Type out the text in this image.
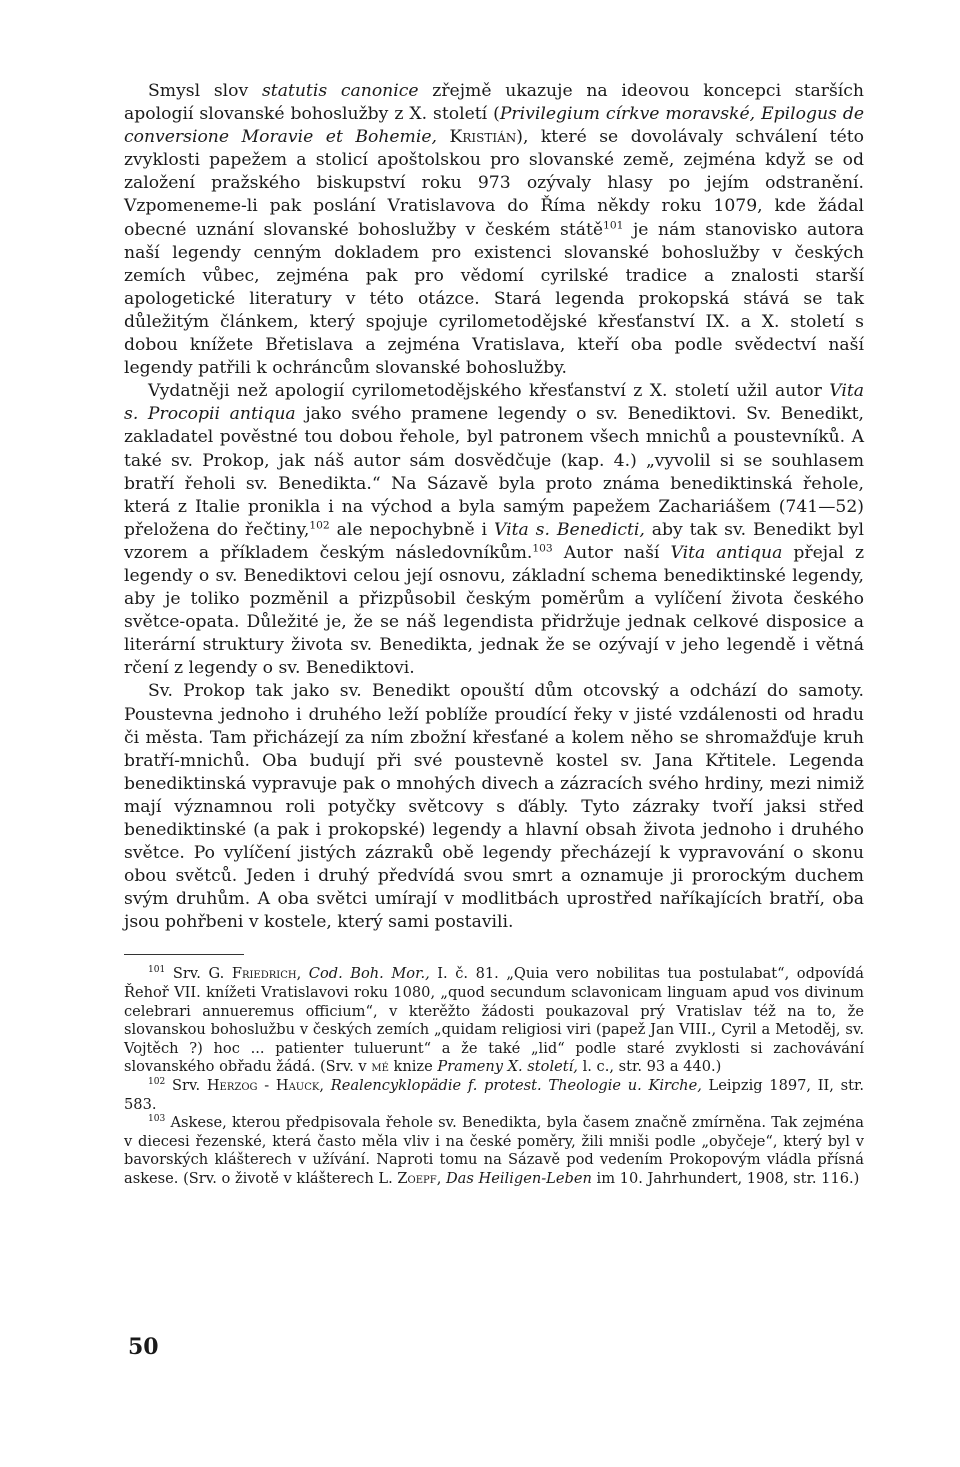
Smysl slov statutis canonice zřejmě ukazuje na ideovou koncepci starších apologií slovanské bohoslužby z X. století (Privilegium církve moravské, Epilogus de conversione Moravie et Bohemie, Kristián), které se dovolávaly schválení této zvyklosti papežem a stolicí apoštolskou pro slovanské země, zejména když se od založení pražského biskupství roku 973 ozývaly hlasy po jejím odstranění. Vzpomeneme-li pak poslání Vratislavova do Říma někdy roku 1079, kde žádal obecné uznání slovanské bohoslužby v českém státě$^{101}$ je nám stanovisko autora naší legendy cenným dokladem pro existenci slovanské bohoslužby v českých zemích vůbec, zejména pak pro vědomí cyrilské tradice a znalosti starší apologetické literatury v této otázce. Stará legenda prokopská stává se tak důležitým článkem, který spojuje cyrilometodějské křesťanství IX. a X. století s dobou knížete Břetislava a zejména Vratislava, kteří oba podle svědectví naší legendy patřili k ochráncům slovanské bohoslužby.

Vydatněji než apologií cyrilometodějského křesťanství z X. století užil autor Vita s. Procopii antiqua jako svého pramene legendy o sv. Benediktovi. Sv. Benedikt, zakladatel pověstné tou dobou řehole, byl patronem všech mnichů a poustevníků. A také sv. Prokop, jak náš autor sám dosvědčuje (kap. 4.) „vyvolil si se souhlasem bratří řeholi sv. Benedikta.“ Na Sázavě byla proto známa benediktinská řehole, která z Italie pronikla i na východ a byla samým papežem Zachariášem (741—52) přeložena do řečtiny,$^{102}$ ale nepochybně i Vita s. Benedicti, aby tak sv. Benedikt byl vzorem a příkladem českým následovníkům.$^{103}$ Autor naší Vita antiqua přejal z legendy o sv. Benediktovi celou její osnovu, základní schema benediktinské legendy, aby je toliko pozměnil a přizpůsobil českým poměrům a vylíčení života českého světce-opata. Důležité je, že se náš legendista přidržuje jednak celkové disposice a literární struktury života sv. Benedikta, jednak že se ozývají v jeho legendě i větná rčení z legendy o sv. Benediktovi.

Sv. Prokop tak jako sv. Benedikt opouští dům otcovský a odchází do samoty. Poustevna jednoho i druhého leží poblíže proudící řeky v jisté vzdálenosti od hradu či města. Tam přicházejí za ním zbožní křesťané a kolem něho se shromažďuje kruh bratří-mnichů. Oba budují při své poustevně kostel sv. Jana Křtitele. Legenda benediktinská vypravuje pak o mnohých divech a zázracích svého hrdiny, mezi nimiž mají významnou roli potyčky světcovy s ďábly. Tyto zázraky tvoří jaksi střed benediktinské (a pak i prokopské) legendy a hlavní obsah života jednoho i druhého světce. Po vylíčení jistých zázraků obě legendy přecházejí k vypravování o skonu obou světců. Jeden i druhý předvídá svou smrt a oznamuje ji prorockým duchem svým druhům. A oba světci umírají v modlitbách uprostřed naříkajících bratří, oba jsou pohřbeni v kostele, který sami postavili.

$^{101}$ Srv. G. Friedrich, Cod. Boh. Mor., I. č. 81. „Quia vero nobilitas tua postulabat“, odpovídá Řehoř VII. knížeti Vratislavovi roku 1080, „quod secundum sclavonicam linguam apud vos divinum celebrari annueremus officium“, v kterěžto žádosti poukazoval prý Vratislav též na to, že slovanskou bohoslužbu v českých zemích „quidam religiosi viri (papež Jan VIII., Cyril a Metoděj, sv. Vojtěch ?) hoc ... patienter tuluerunt“ a že také „lid“ podle staré zvyklosti si zachovávání slovanského obřadu žádá. (Srv. v mé knize Prameny X. století, l. c., str. 93 a 440.)

$^{102}$ Srv. Herzog - Hauck, Realencyklopädie f. protest. Theologie u. Kirche, Leipzig 1897, II, str. 583.

$^{103}$ Askese, kterou předpisovala řehole sv. Benedikta, byla časem značně zmírněna. Tak zejména v diecesi řezenské, která často měla vliv i na české poměry, žili mniši podle „obyčeje“, který byl v bavorských klášterech v užívání. Naproti tomu na Sázavě pod vedením Prokopovým vládla přísná askese. (Srv. o životě v klášterech L. Zoepf, Das Heiligen-Leben im 10. Jahrhundert, 1908, str. 116.)

50
